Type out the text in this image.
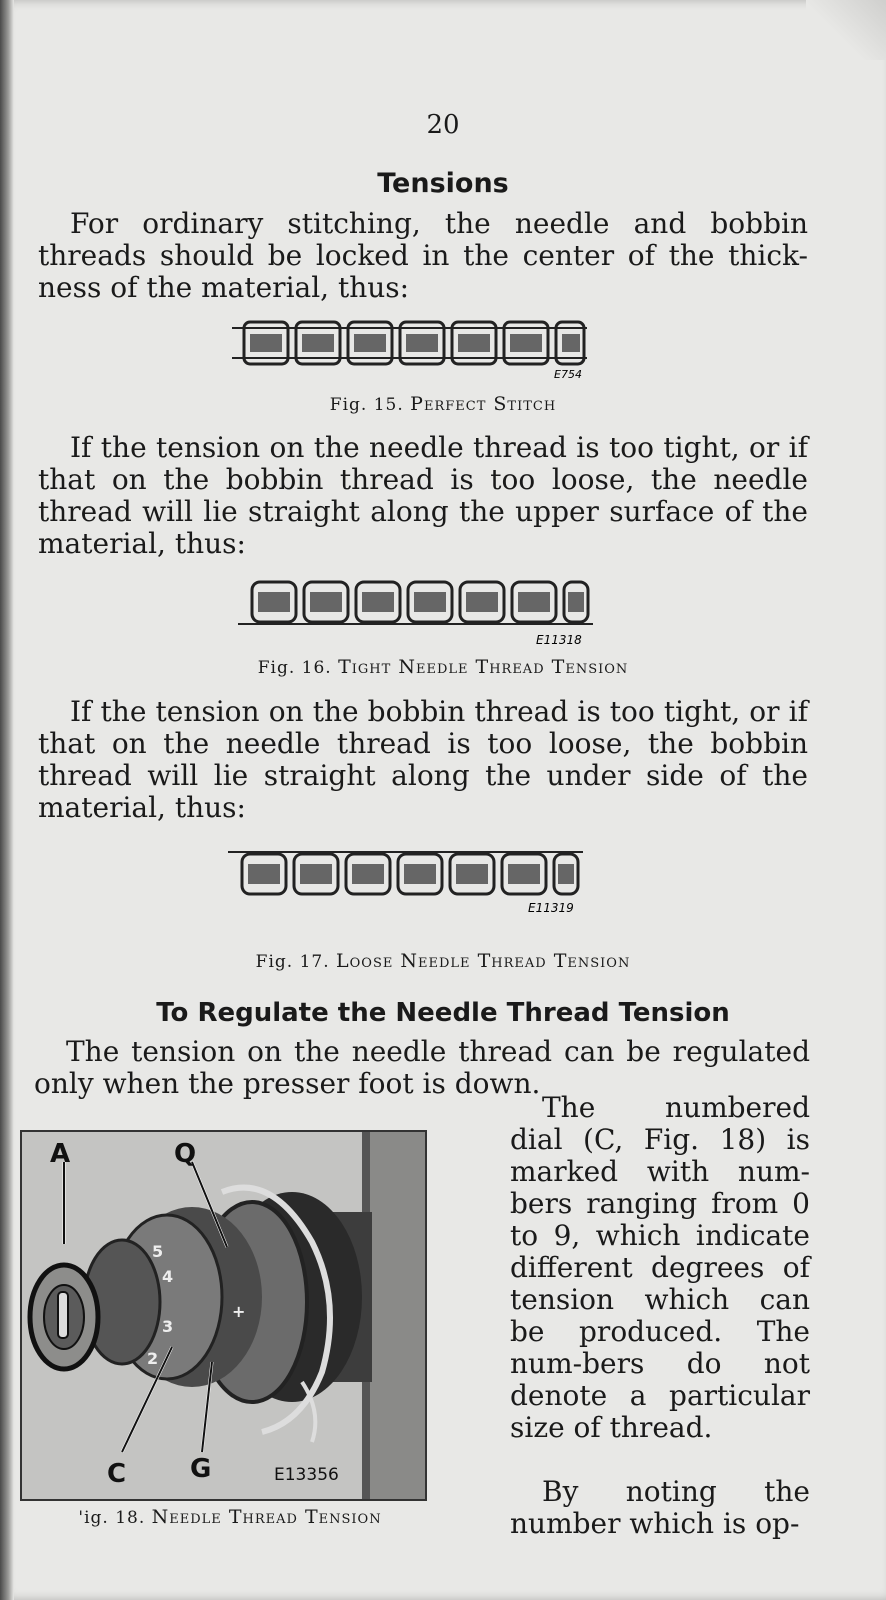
20
Tensions
For ordinary stitching, the needle and bobbin threads should be locked in the center of the thick-ness of the material, thus:
E754
Fig. 15. Perfect Stitch
If the tension on the needle thread is too tight, or if that on the bobbin thread is too loose, the needle thread will lie straight along the upper surface of the material, thus:
E11318
Fig. 16. Tight Needle Thread Tension
If the tension on the bobbin thread is too tight, or if that on the needle thread is too loose, the bobbin thread will lie straight along the under side of the material, thus:
E11319
Fig. 17. Loose Needle Thread Tension
To Regulate the Needle Thread Tension
The tension on the needle thread can be regulated only when the presser foot is down.
5
4
3
2
+
A	Q
C G	E13356
'ig. 18. Needle Thread Tension
The numbered dial (C, Fig. 18) is marked with num-bers ranging from 0 to 9, which indicate different degrees of tension which can be produced. The num-bers do not denote a particular size of thread.
By noting the number which is op-
